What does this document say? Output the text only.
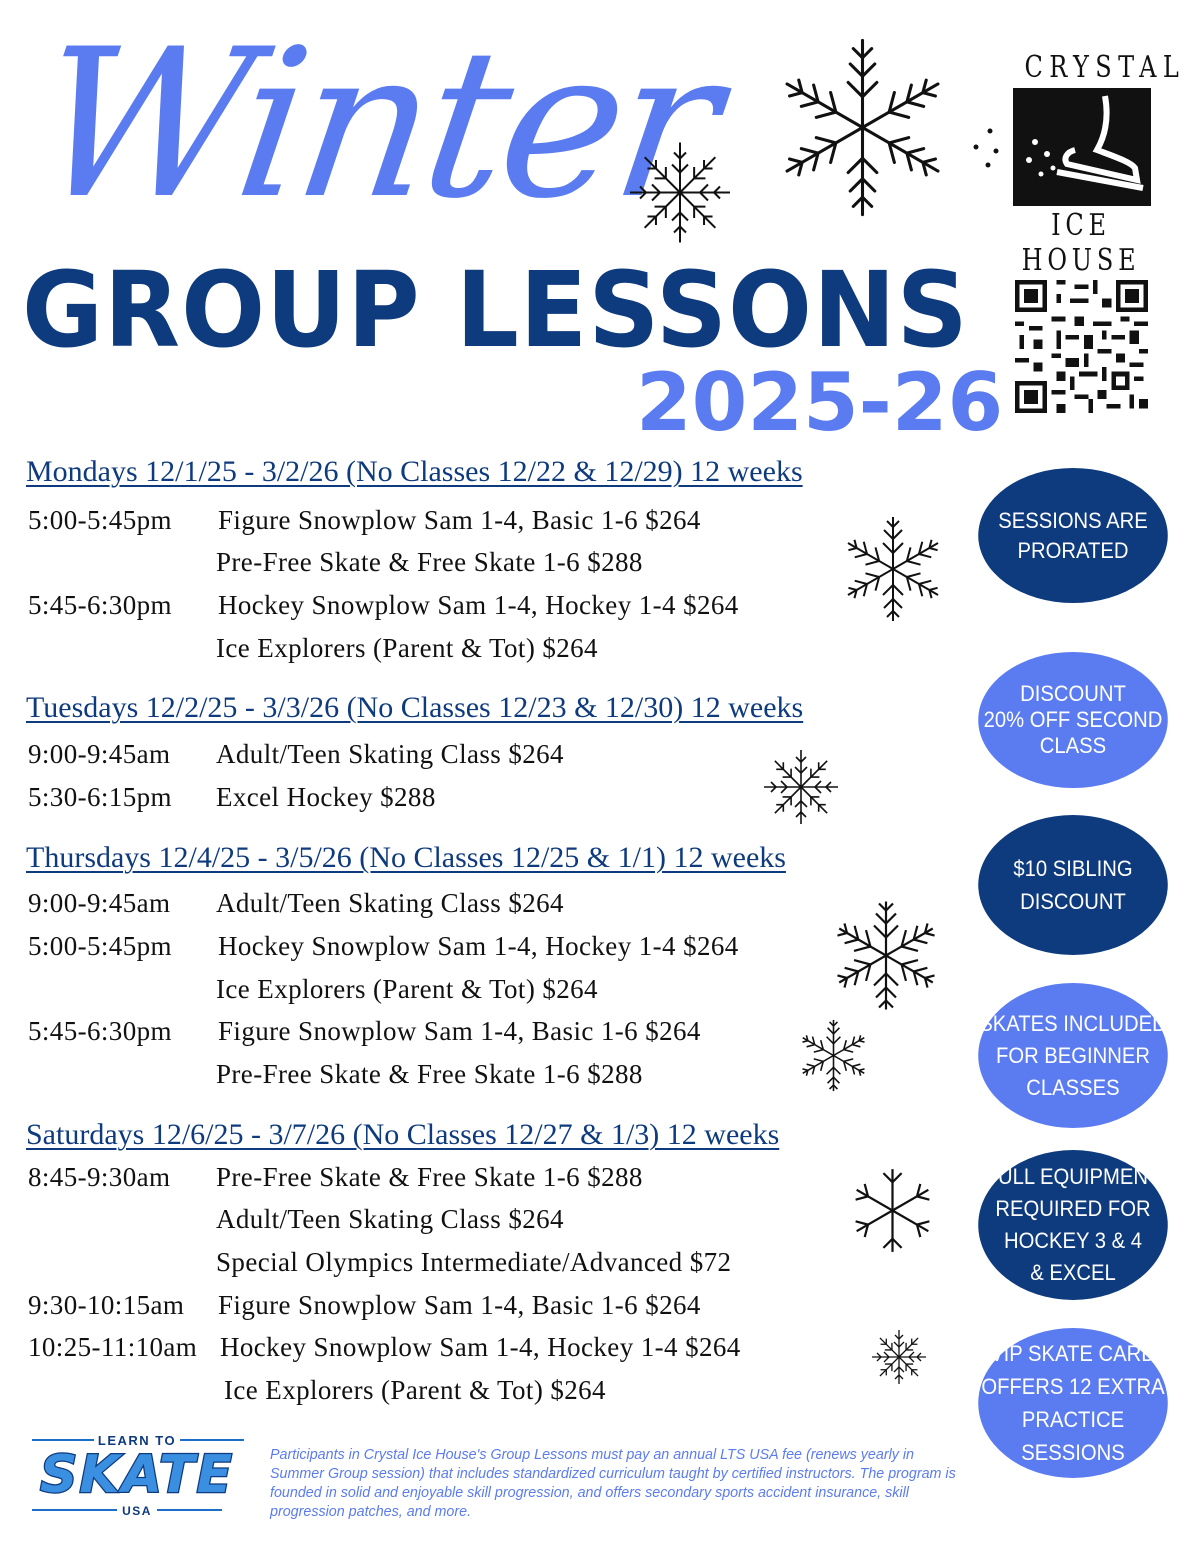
Winter
GROUP LESSONS
2025-26
CRYSTAL
ICE HOUSE
Mondays 12/1/25 - 3/2/26 (No Classes 12/22 & 12/29) 12 weeks
5:00-5:45pm Figure Snowplow Sam 1-4, Basic 1-6 $264
Pre-Free Skate & Free Skate 1-6 $288
5:45-6:30pm Hockey Snowplow Sam 1-4, Hockey 1-4 $264
Ice Explorers (Parent & Tot) $264
Tuesdays 12/2/25 - 3/3/26 (No Classes 12/23 & 12/30) 12 weeks
9:00-9:45am Adult/Teen Skating Class $264
5:30-6:15pm Excel Hockey $288
Thursdays 12/4/25 - 3/5/26 (No Classes 12/25 & 1/1) 12 weeks
9:00-9:45am Adult/Teen Skating Class $264
5:00-5:45pm Hockey Snowplow Sam 1-4, Hockey 1-4 $264
Ice Explorers (Parent & Tot) $264
5:45-6:30pm Figure Snowplow Sam 1-4, Basic 1-6 $264
Pre-Free Skate & Free Skate 1-6 $288
Saturdays 12/6/25 - 3/7/26 (No Classes 12/27 & 1/3) 12 weeks
8:45-9:30am Pre-Free Skate & Free Skate 1-6 $288
Adult/Teen Skating Class $264
Special Olympics Intermediate/Advanced $72
9:30-10:15am Figure Snowplow Sam 1-4, Basic 1-6 $264
10:25-11:10am Hockey Snowplow Sam 1-4, Hockey 1-4 $264
Ice Explorers (Parent & Tot) $264
SESSIONS ARE
PRORATED
DISCOUNT
20% OFF SECOND
CLASS
$10 SIBLING
DISCOUNT
SKATES INCLUDED
FOR BEGINNER
CLASSES
FULL EQUIPMENT
REQUIRED FOR
HOCKEY 3 & 4
& EXCEL
VIP SKATE CARD
OFFERS 12 EXTRA
PRACTICE SESSIONS
LEARN TO
SKATE
USA
Participants in Crystal Ice House's Group Lessons must pay an annual LTS USA fee (renews yearly in Summer Group session) that includes standardized curriculum taught by certified instructors. The program is founded in solid and enjoyable skill progression, and offers secondary sports accident insurance, skill progression patches, and more.
